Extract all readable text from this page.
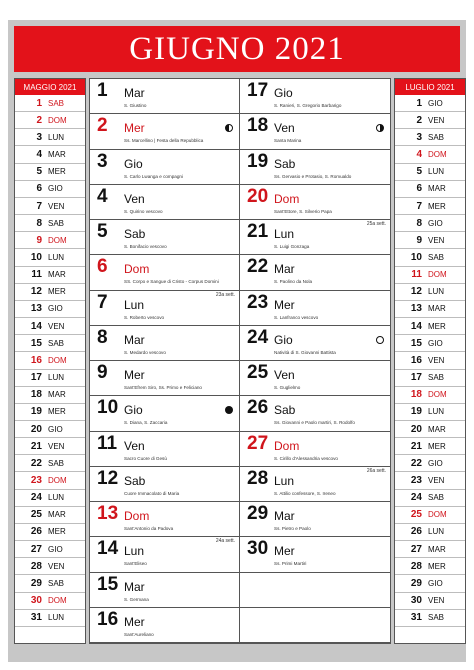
GIUGNO 2021
MAGGIO 2021
1 SAB
2 DOM
3 LUN
4 MAR
5 MER
6 GIO
7 VEN
8 SAB
9 DOM
10 LUN
11 MAR
12 MER
13 GIO
14 VEN
15 SAB
16 DOM
17 LUN
18 MAR
19 MER
20 GIO
21 VEN
22 SAB
23 DOM
24 LUN
25 MAR
26 MER
27 GIO
28 VEN
29 SAB
30 DOM
31 LUN
1 Mar
S. Giustino
2 Mer
Ss. Marcellino | Festa della Repubblica
3 Gio
S. Carlo Lwanga e compagni
4 Ven
S. Quirino vescovo
5 Sab
S. Bonifacio vescovo
6 Dom
SS. Corpo e Sangue di Cristo - Corpus Domini
7 Lun
S. Roberto vescovo
23a sett.
8 Mar
S. Medardo vescovo
9 Mer
Sant'Efrem Siro, Ss. Primo e Feliciano
10 Gio
S. Diana, S. Zaccaria
11 Ven
Sacro Cuore di Gesù
12 Sab
Cuore Immacolato di Maria
13 Dom
Sant'Antonio da Padova
14 Lun
Sant'Eliseo
24a sett.
15 Mar
S. Germana
16 Mer
Sant'Aureliano
17 Gio
S. Ranieri, S. Gregorio Barbarigo
18 Ven
Santa Marina
19 Sab
Ss. Gervasio e Protasio, S. Romualdo
20 Dom
Sant'Ettore, S. Silverio Papa
21 Lun
S. Luigi Gonzaga
25a sett.
22 Mar
S. Paolino da Nola
23 Mer
S. Lanfranco vescovo
24 Gio
Natività di S. Giovanni Battista
25 Ven
S. Guglielmo
26 Sab
Ss. Giovanni e Paolo martiri, S. Rodolfo
27 Dom
S. Cirillo d'Alessandria vescovo
28 Lun
S. Attilio confessore, S. Ireneo
26a sett.
29 Mar
Ss. Pietro e Paolo
30 Mer
Ss. Primi Martiri
LUGLIO 2021
1 GIO
2 VEN
3 SAB
4 DOM
5 LUN
6 MAR
7 MER
8 GIO
9 VEN
10 SAB
11 DOM
12 LUN
13 MAR
14 MER
15 GIO
16 VEN
17 SAB
18 DOM
19 LUN
20 MAR
21 MER
22 GIO
23 VEN
24 SAB
25 DOM
26 LUN
27 MAR
28 MER
29 GIO
30 VEN
31 SAB
